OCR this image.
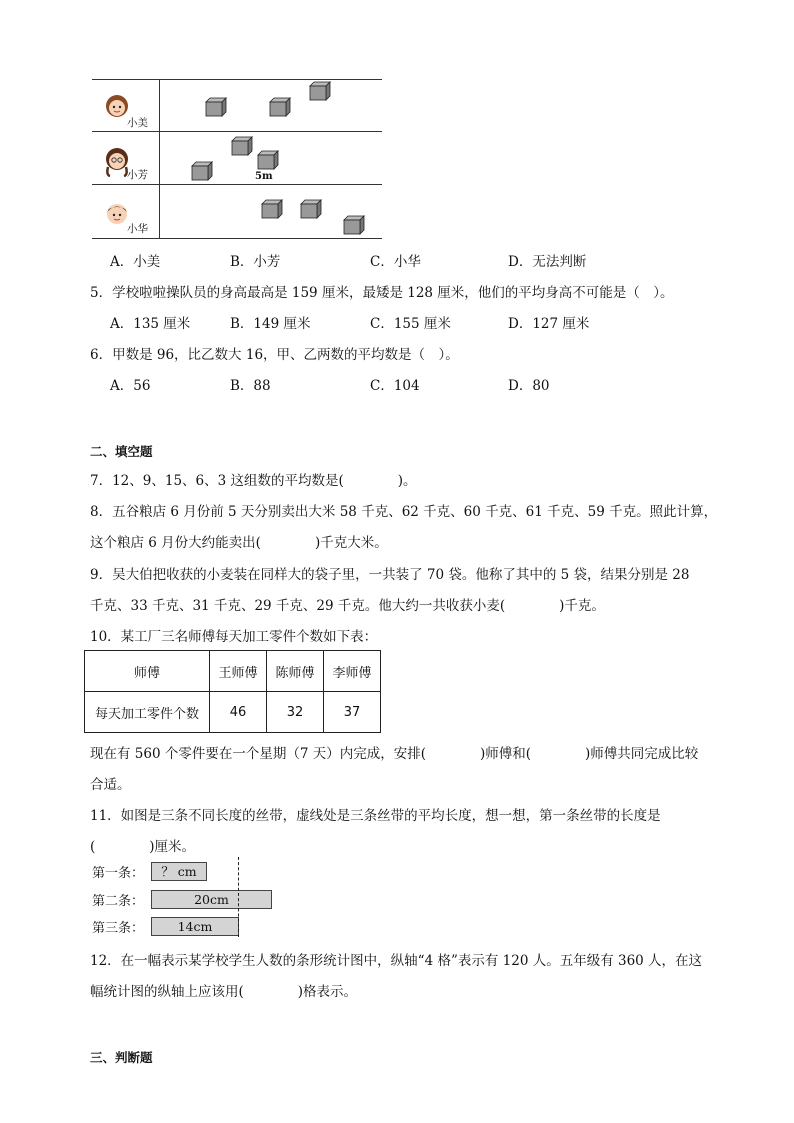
小美
小芳
小华
5m
A．小美	B．小芳	C．小华	D．无法判断
5．学校啦啦操队员的身高最高是 159 厘米，最矮是 128 厘米，他们的平均身高不可能是（　）。
A．135 厘米	B．149 厘米	C．155 厘米	D．127 厘米
6．甲数是 96，比乙数大 16，甲、乙两数的平均数是（　）。
A．56	B．88	C．104	D．80
二、填空题
7．12、9、15、6、3 这组数的平均数是(　　　　)。
8．五谷粮店 6 月份前 5 天分别卖出大米 58 千克、62 千克、60 千克、61 千克、59 千克。照此计算，
这个粮店 6 月份大约能卖出(　　　　)千克大米。
9．吴大伯把收获的小麦装在同样大的袋子里，一共装了 70 袋。他称了其中的 5 袋，结果分别是 28
千克、33 千克、31 千克、29 千克、29 千克。他大约一共收获小麦(　　　　)千克。
10．某工厂三名师傅每天加工零件个数如下表：
师傅	王师傅	陈师傅	李师傅
每天加工零件个数	46	32	37
现在有 560 个零件要在一个星期（7 天）内完成，安排(　　　　)师傅和(　　　　)师傅共同完成比较
合适。
11．如图是三条不同长度的丝带，虚线处是三条丝带的平均长度，想一想，第一条丝带的长度是
(　　　　)厘米。
第一条：	？ cm
第二条：	20cm
第三条：	14cm
12．在一幅表示某学校学生人数的条形统计图中，纵轴“4 格”表示有 120 人。五年级有 360 人，在这
幅统计图的纵轴上应该用(　　　　)格表示。
三、判断题
